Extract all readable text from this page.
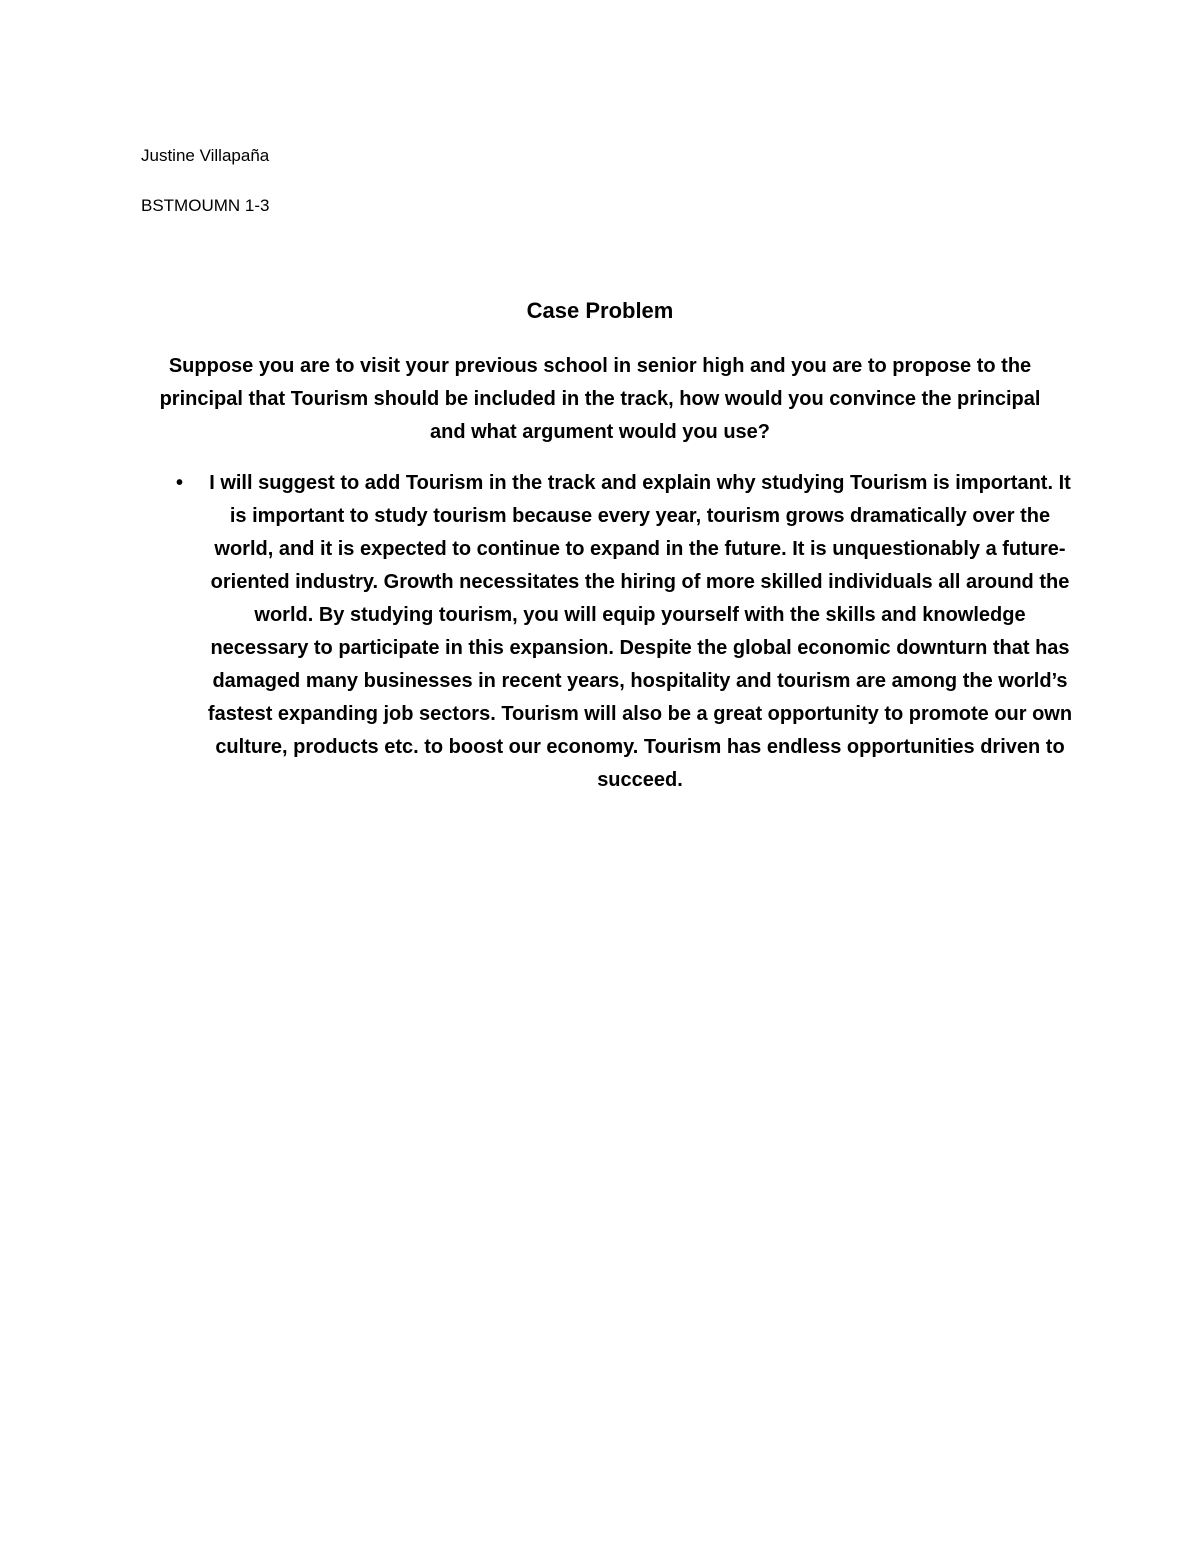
Justine Villapaña
BSTMOUMN 1-3
Case Problem
Suppose you are to visit your previous school in senior high and you are to propose to the principal that Tourism should be included in the track, how would you convince the principal and what argument would you use?
• I will suggest to add Tourism in the track and explain why studying Tourism is important. It is important to study tourism because every year, tourism grows dramatically over the world, and it is expected to continue to expand in the future. It is unquestionably a future-oriented industry. Growth necessitates the hiring of more skilled individuals all around the world. By studying tourism, you will equip yourself with the skills and knowledge necessary to participate in this expansion. Despite the global economic downturn that has damaged many businesses in recent years, hospitality and tourism are among the world’s fastest expanding job sectors. Tourism will also be a great opportunity to promote our own culture, products etc. to boost our economy. Tourism has endless opportunities driven to succeed.
